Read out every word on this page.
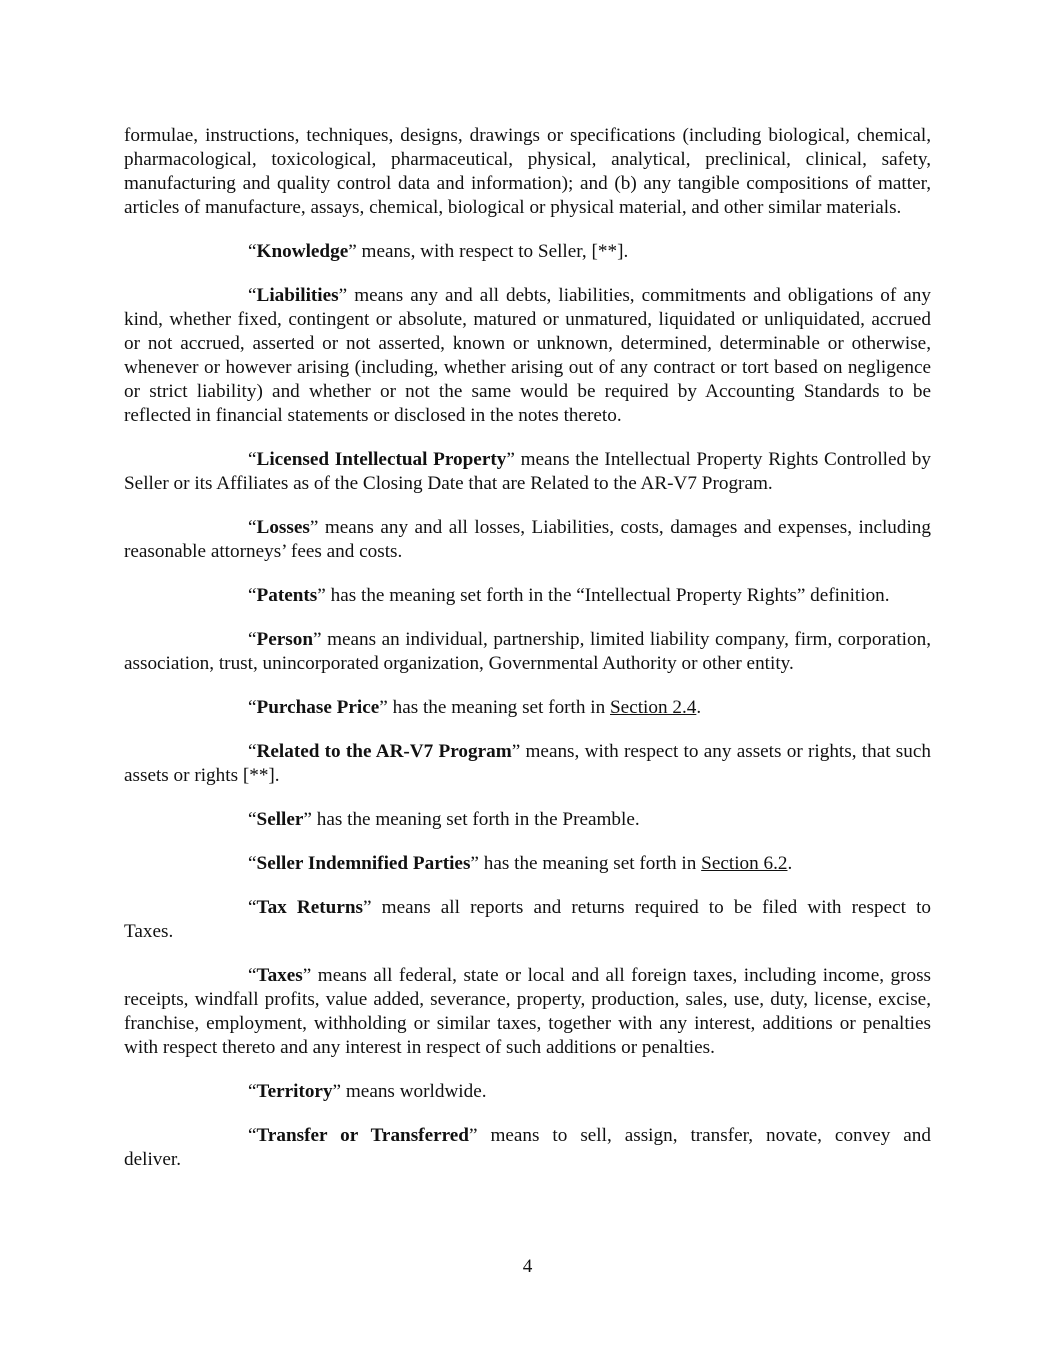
formulae, instructions, techniques, designs, drawings or specifications (including biological, chemical, pharmacological, toxicological, pharmaceutical, physical, analytical, preclinical, clinical, safety, manufacturing and quality control data and information); and (b) any tangible compositions of matter, articles of manufacture, assays, chemical, biological or physical material, and other similar materials.

“Knowledge” means, with respect to Seller, [**].

“Liabilities” means any and all debts, liabilities, commitments and obligations of any kind, whether fixed, contingent or absolute, matured or unmatured, liquidated or unliquidated, accrued or not accrued, asserted or not asserted, known or unknown, determined, determinable or otherwise, whenever or however arising (including, whether arising out of any contract or tort based on negligence or strict liability) and whether or not the same would be required by Accounting Standards to be reflected in financial statements or disclosed in the notes thereto.

“Licensed Intellectual Property” means the Intellectual Property Rights Controlled by Seller or its Affiliates as of the Closing Date that are Related to the AR-V7 Program.

“Losses” means any and all losses, Liabilities, costs, damages and expenses, including reasonable attorneys’ fees and costs.

“Patents” has the meaning set forth in the “Intellectual Property Rights” definition.

“Person” means an individual, partnership, limited liability company, firm, corporation, association, trust, unincorporated organization, Governmental Authority or other entity.

“Purchase Price” has the meaning set forth in Section 2.4.

“Related to the AR-V7 Program” means, with respect to any assets or rights, that such assets or rights [**].

“Seller” has the meaning set forth in the Preamble.

“Seller Indemnified Parties” has the meaning set forth in Section 6.2.

“Tax Returns” means all reports and returns required to be filed with respect to

Taxes.

“Taxes” means all federal, state or local and all foreign taxes, including income, gross receipts, windfall profits, value added, severance, property, production, sales, use, duty, license, excise, franchise, employment, withholding or similar taxes, together with any interest, additions or penalties with respect thereto and any interest in respect of such additions or penalties.

“Territory” means worldwide.

“Transfer or Transferred” means to sell, assign, transfer, novate, convey and

deliver.

4
